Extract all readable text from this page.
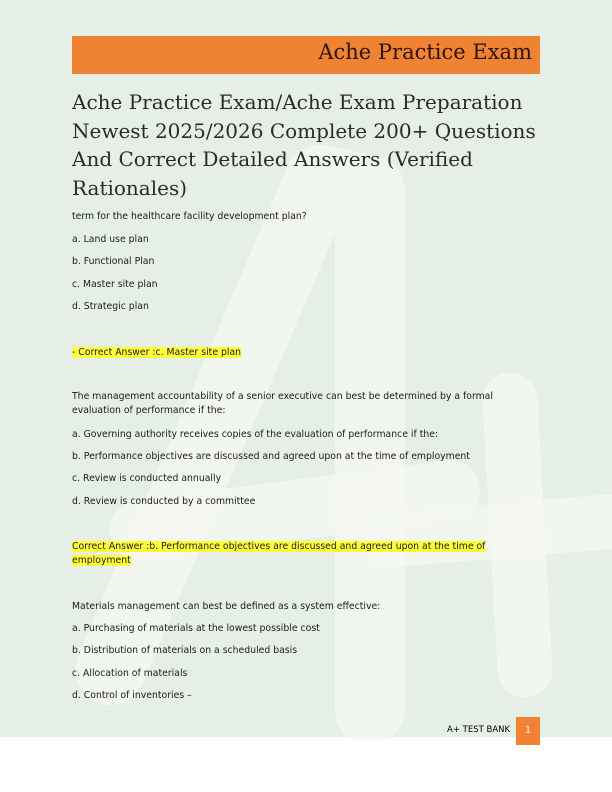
Ache Practice Exam
Ache Practice Exam/Ache Exam Preparation Newest 2025/2026 Complete 200+ Questions And Correct Detailed Answers (Verified Rationales)
term for the healthcare facility development plan?
a. Land use plan
b. Functional Plan
c. Master site plan
d. Strategic plan
- Correct Answer :c. Master site plan
The management accountability of a senior executive can best be determined by a formal evaluation of performance if the:
a. Governing authority receives copies of the evaluation of performance if the:
b. Performance objectives are discussed and agreed upon at the time of employment
c. Review is conducted annually
d. Review is conducted by a committee
Correct Answer :b. Performance objectives are discussed and agreed upon at the time of employment
Materials management can best be defined as a system effective:
a. Purchasing of materials at the lowest possible cost
b. Distribution of materials on a scheduled basis
c. Allocation of materials
d. Control of inventories –
A+ TEST BANK	1
